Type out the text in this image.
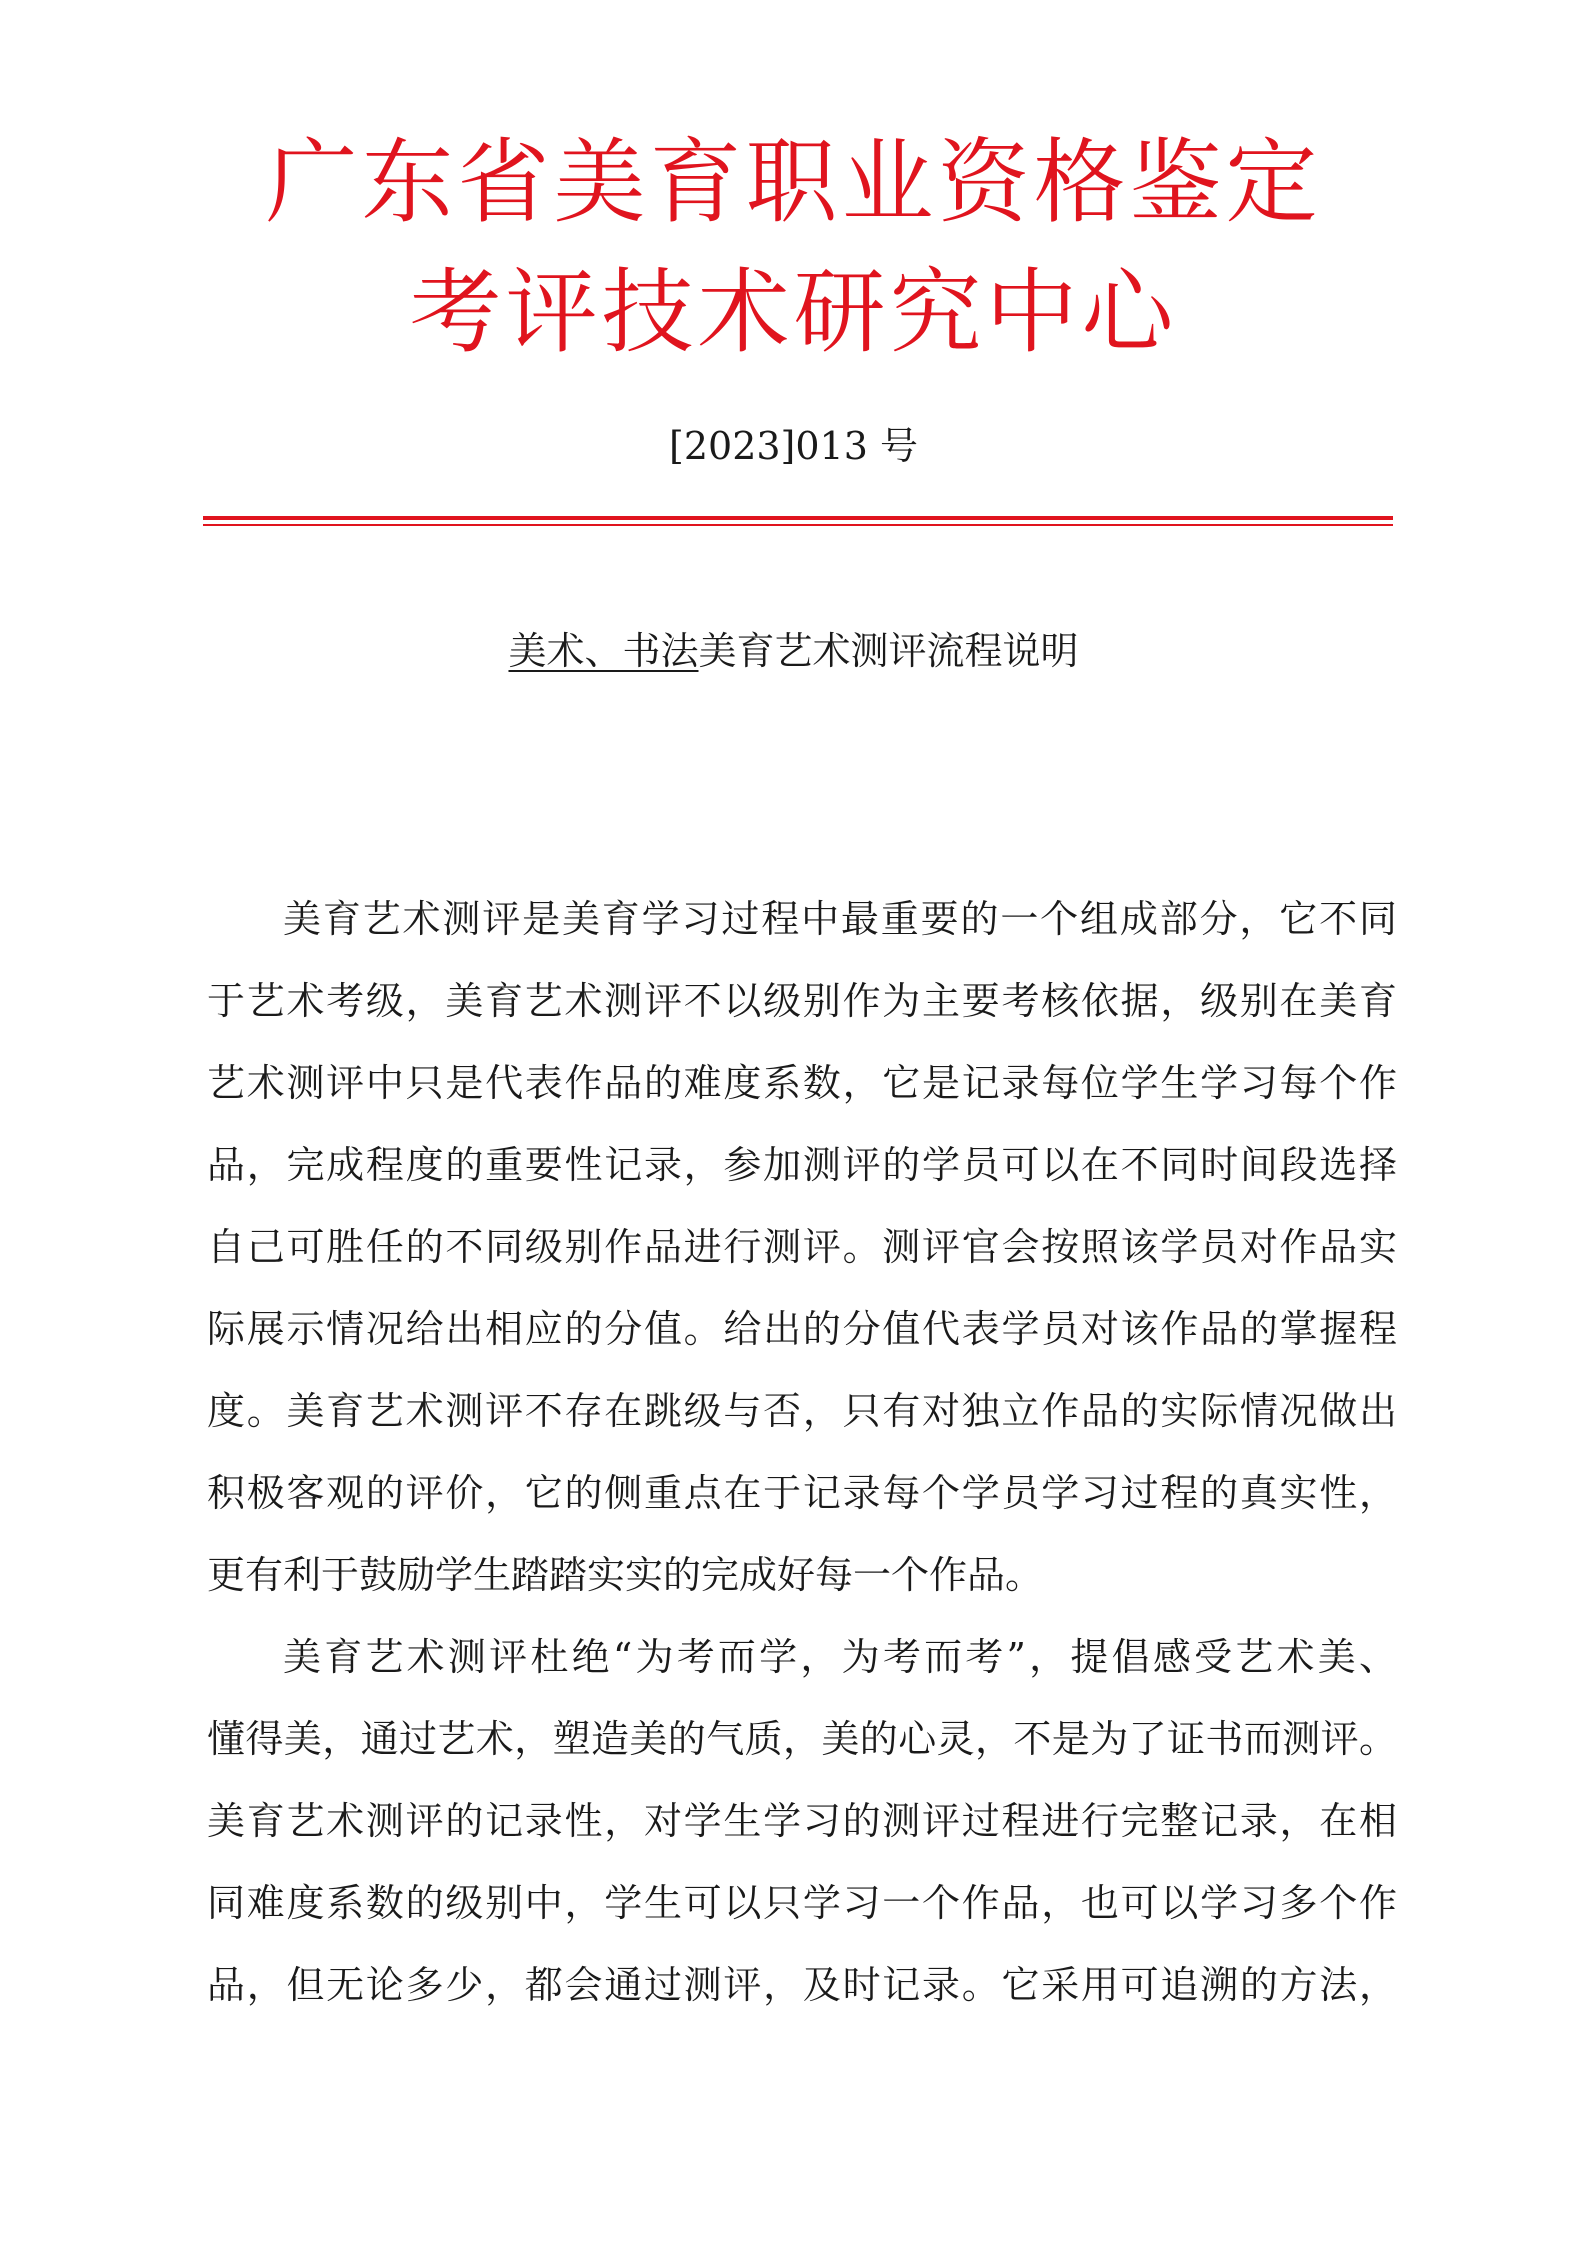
广东省美育职业资格鉴定
考评技术研究中心
[2023]013 号
美术、书法美育艺术测评流程说明
美育艺术测评是美育学习过程中最重要的一个组成部分，它不同
于艺术考级，美育艺术测评不以级别作为主要考核依据，级别在美育
艺术测评中只是代表作品的难度系数，它是记录每位学生学习每个作
品，完成程度的重要性记录，参加测评的学员可以在不同时间段选择
自己可胜任的不同级别作品进行测评。测评官会按照该学员对作品实
际展示情况给出相应的分值。给出的分值代表学员对该作品的掌握程
度。美育艺术测评不存在跳级与否，只有对独立作品的实际情况做出
积极客观的评价，它的侧重点在于记录每个学员学习过程的真实性，
更有利于鼓励学生踏踏实实的完成好每一个作品。
美育艺术测评杜绝“为考而学，为考而考”，提倡感受艺术美、
懂得美，通过艺术，塑造美的气质，美的心灵，不是为了证书而测评。
美育艺术测评的记录性，对学生学习的测评过程进行完整记录，在相
同难度系数的级别中，学生可以只学习一个作品，也可以学习多个作
品，但无论多少，都会通过测评，及时记录。它采用可追溯的方法，
